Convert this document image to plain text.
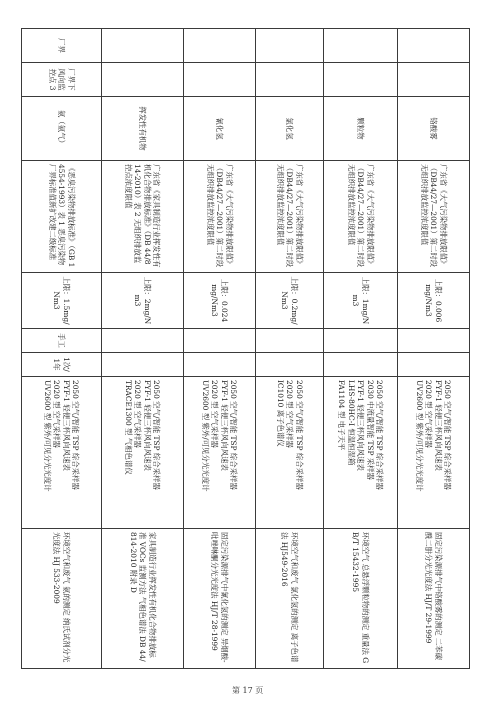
		铬酸雾	广东省《大气污染物排放限值》（DB44/27—2001）第二时段无组织排放监控浓度限值	上限：0.006mg/Nm3			2050 空气/智能 TSP 综合采样器
FYF-1 轻便三杯风向风速表
2020 型 空气采样器
UV2600 型 紫外/可见分光光度计	固定污染源排气中铬酸雾的测定 二苯碳酰二肼分光光度法 HJ/T 29-1999
		颗粒物	广东省《大气污染物排放限值》（DB44/27—2001）第二时段无组织排放监控浓度限值	上限：1mg/Nm3			2050 空气/智能 TSP 综合采样器
2030 中流量智能 TSP 采样器
FYF-1 轻便三杯风向风速表
LHS-80HC-I 恒温恒湿箱
FA1104 型 电子天平	环境空气 总悬浮颗粒物的测定 重量法 GB/T 15432-1995
		氯化氢	广东省《大气污染物排放限值》（DB44/27—2001）第二时段无组织排放监控浓度限值	上限：0.2mg/Nm3			2050 空气/智能 TSP 综合采样器
2020 型 空气采样器
IC1010 离子色谱仪	环境空气和废气 氯化氢的测定 离子色谱法 HJ549-2016
		氰化氢	广东省《大气污染物排放限值》（DB44/27—2001）第二时段无组织排放监控浓度限值	上限：0.024mg/Nm3			2050 空气/智能 TSP 综合采样器
FYF-1 轻便三杯风向风速表
2020 型 空气采样器
UV2600 型 紫外/可见分光光度计	固定污染源排气中氰化氢的测定 异烟酸-吡唑啉酮分光光度法 HJ/T 28-1999
		挥发性有机物	广东省《家具制造行业挥发性有机化合物排放标准》（DB 44/814-2010）表 2 无组织排放监控点浓度限值	上限：2mg/Nm3			2050 空气/智能 TSP 综合采样器
FYF-1 轻便三杯风向风速表
2020 型 空气采样器
TRACE1300 型 气相色谱仪	家具制造行业挥发性有机化合物排放标准 VOCs 监测方法 气相色谱法 DB 44/814-2010 附录 D
厂界	厂界下风向监控点 3	氨（氨气）	《恶臭污染物排放标准》（GB 14554-1993）表 1 恶臭污染物厂界标准值新扩改建二级标准	上限：1.5mg/Nm3	手工	1次/1年	2050 空气/智能 TSP 综合采样器
FYF-1 轻便三杯风向风速表
2020 型 空气采样器
UV2600 型 紫外/可见分光光度计	环境空气和废气 氨的测定 纳氏试剂分光光度法 HJ 533-2009
第 17 页
